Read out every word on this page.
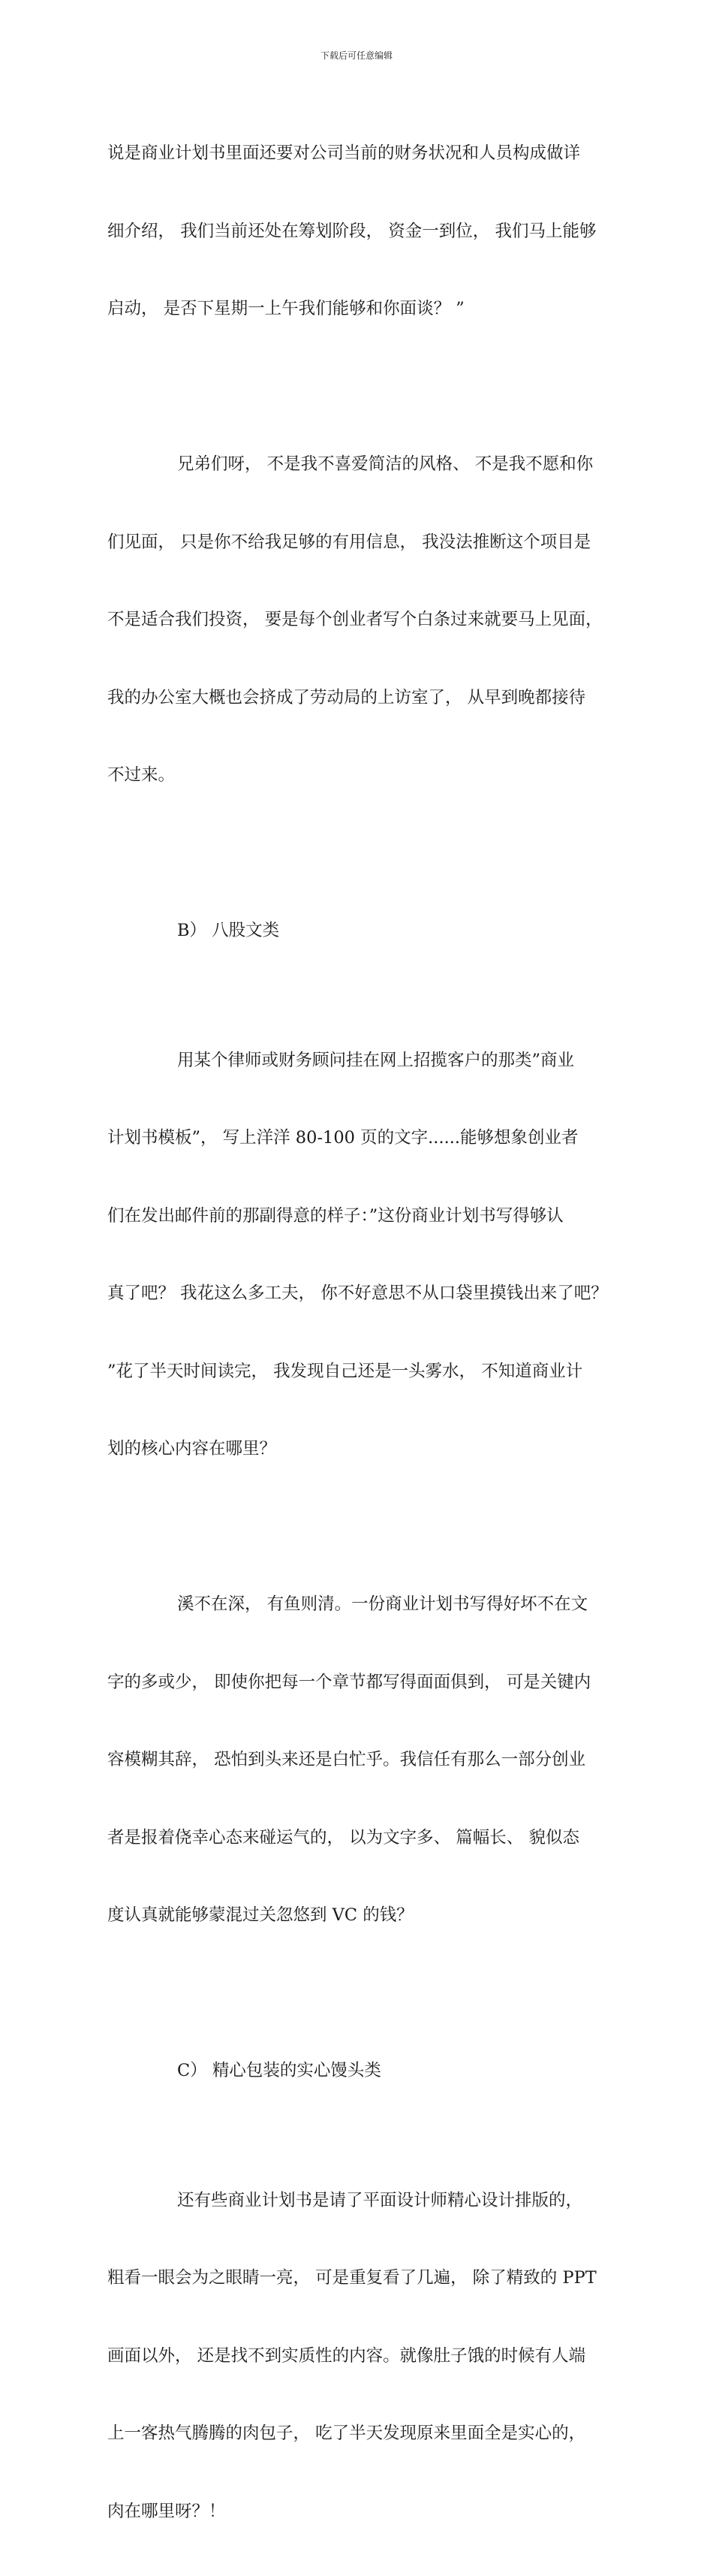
下载后可任意编辑

说是商业计划书里面还要对公司当前的财务状况和人员构成做详

细介绍， 我们当前还处在筹划阶段， 资金一到位， 我们马上能够

启动， 是否下星期一上午我们能够和你面谈？ ”

兄弟们呀， 不是我不喜爱简洁的风格、 不是我不愿和你

们见面， 只是你不给我足够的有用信息， 我没法推断这个项目是

不是适合我们投资， 要是每个创业者写个白条过来就要马上见面，

我的办公室大概也会挤成了劳动局的上访室了， 从早到晚都接待

不过来。

B） 八股文类

用某个律师或财务顾问挂在网上招揽客户的那类”商业

计划书模板”， 写上洋洋 80-100 页的文字......能够想象创业者

们在发出邮件前的那副得意的样子：”这份商业计划书写得够认

真了吧？ 我花这么多工夫， 你不好意思不从口袋里摸钱出来了吧？

”花了半天时间读完， 我发现自己还是一头雾水， 不知道商业计

划的核心内容在哪里？

溪不在深， 有鱼则清。一份商业计划书写得好坏不在文

字的多或少， 即使你把每一个章节都写得面面俱到， 可是关键内

容模糊其辞， 恐怕到头来还是白忙乎。我信任有那么一部分创业

者是报着侥幸心态来碰运气的， 以为文字多、 篇幅长、 貌似态

度认真就能够蒙混过关忽悠到 VC 的钱？

C） 精心包装的实心馒头类

还有些商业计划书是请了平面设计师精心设计排版的，

粗看一眼会为之眼睛一亮， 可是重复看了几遍， 除了精致的 PPT

画面以外， 还是找不到实质性的内容。就像肚子饿的时候有人端

上一客热气腾腾的肉包子， 吃了半天发现原来里面全是实心的，

肉在哪里呀？！
